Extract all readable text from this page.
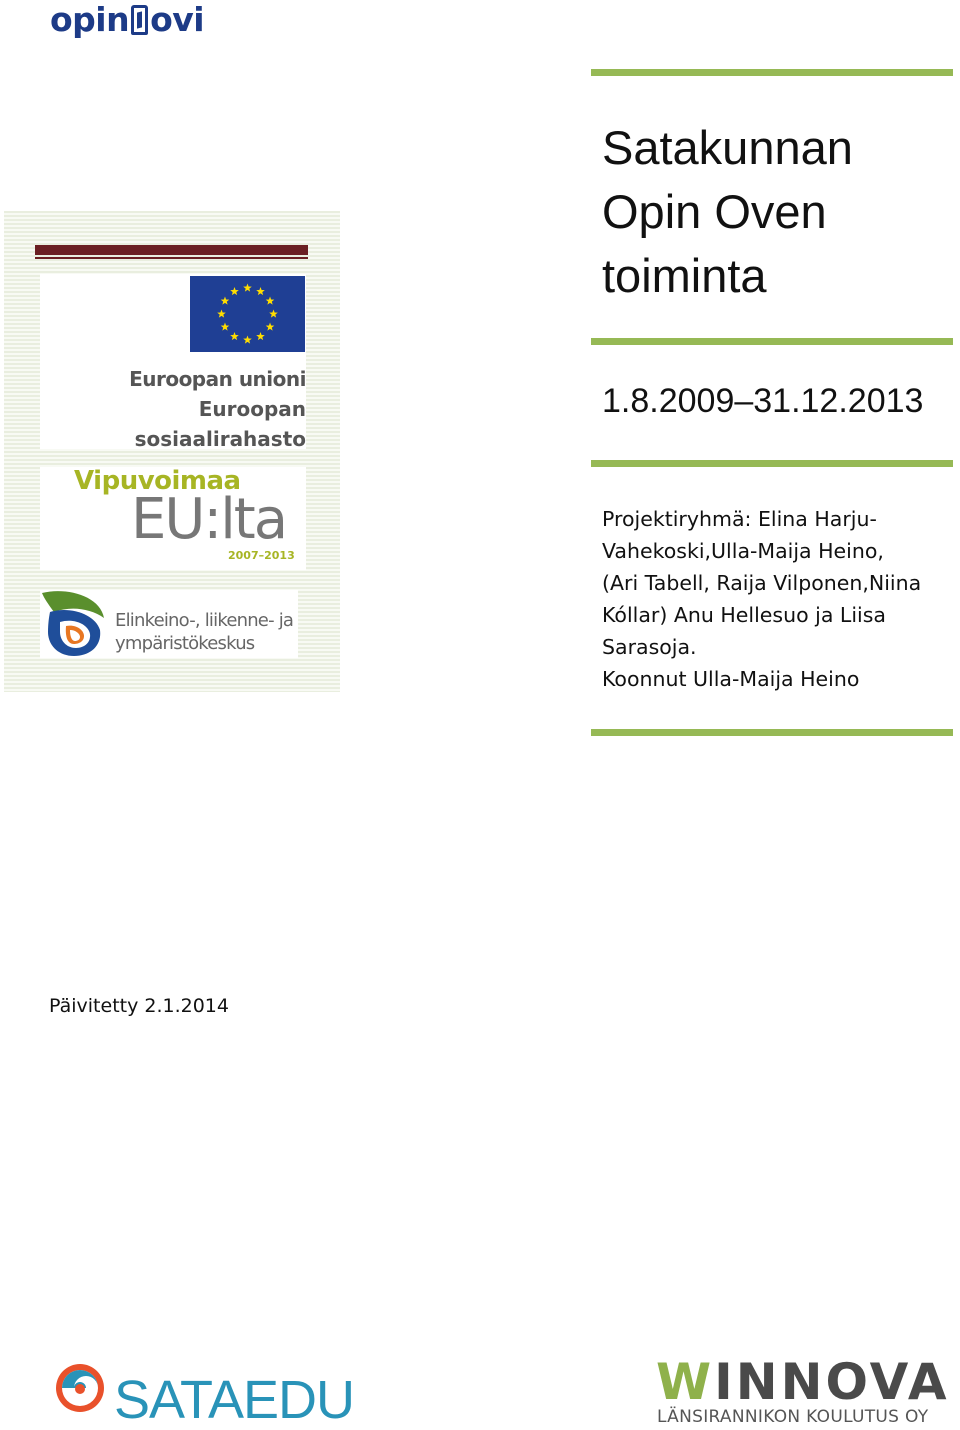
opin ovi
Satakunnan
Opin Oven
toiminta
1.8.2009–31.12.2013
Projektiryhmä: Elina Harju-
Vahekoski,Ulla-Maija Heino,
(Ari Tabell, Raija Vilponen,Niina
Kóllar) Anu Hellesuo ja Liisa
Sarasoja.
Koonnut Ulla-Maija Heino
Euroopan unioni
Euroopan sosiaalirahasto
Vipuvoimaa
EU:lta
2007–2013
Elinkeino-, liikenne- ja
ympäristökeskus
Päivitetty 2.1.2014
SATAEDU	WINNOVA
LÄNSIRANNIKON KOULUTUS OY
